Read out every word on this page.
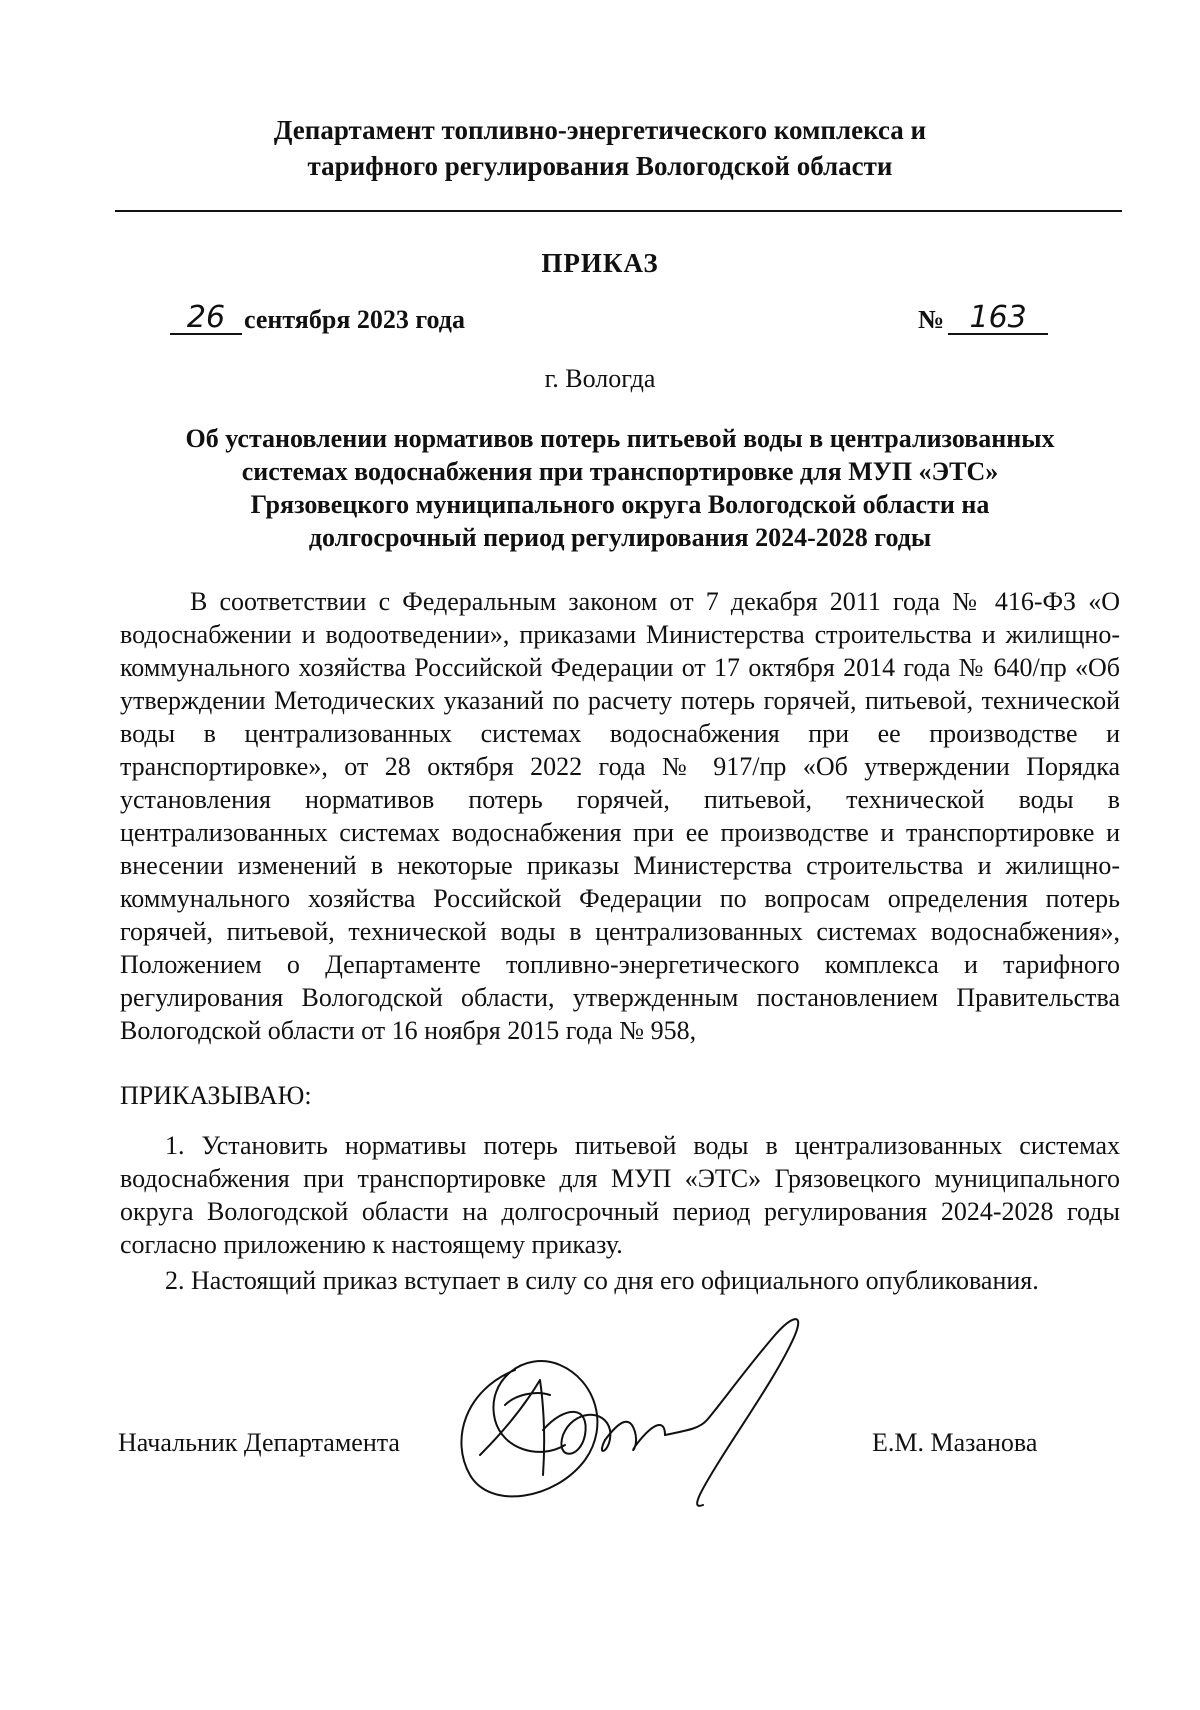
Департамент топливно-энергетического комплекса и
тарифного регулирования Вологодской области
ПРИКАЗ
26 сентября 2023 года	№ 163
г. Вологда
Об установлении нормативов потерь питьевой воды в централизованных
системах водоснабжения при транспортировке для МУП «ЭТС»
Грязовецкого муниципального округа Вологодской области на
долгосрочный период регулирования 2024-2028 годы
В соответствии с Федеральным законом от 7 декабря 2011 года № 416-ФЗ «О водоснабжении и водоотведении», приказами Министерства строительства и жилищно-коммунального хозяйства Российской Федерации от 17 октября 2014 года № 640/пр «Об утверждении Методических указаний по расчету потерь горячей, питьевой, технической воды в централизованных системах водоснабжения при ее производстве и транспортировке», от 28 октября 2022 года № 917/пр «Об утверждении Порядка установления нормативов потерь горячей, питьевой, технической воды в централизованных системах водоснабжения при ее производстве и транспортировке и внесении изменений в некоторые приказы Министерства строительства и жилищно-коммунального хозяйства Российской Федерации по вопросам определения потерь горячей, питьевой, технической воды в централизованных системах водоснабжения», Положением о Департаменте топливно-энергетического комплекса и тарифного регулирования Вологодской области, утвержденным постановлением Правительства Вологодской области от 16 ноября 2015 года № 958,
ПРИКАЗЫВАЮ:
1. Установить нормативы потерь питьевой воды в централизованных системах водоснабжения при транспортировке для МУП «ЭТС» Грязовецкого муниципального округа Вологодской области на долгосрочный период регулирования 2024-2028 годы согласно приложению к настоящему приказу.
2. Настоящий приказ вступает в силу со дня его официального опубликования.
Начальник Департамента	Е.М. Мазанова
